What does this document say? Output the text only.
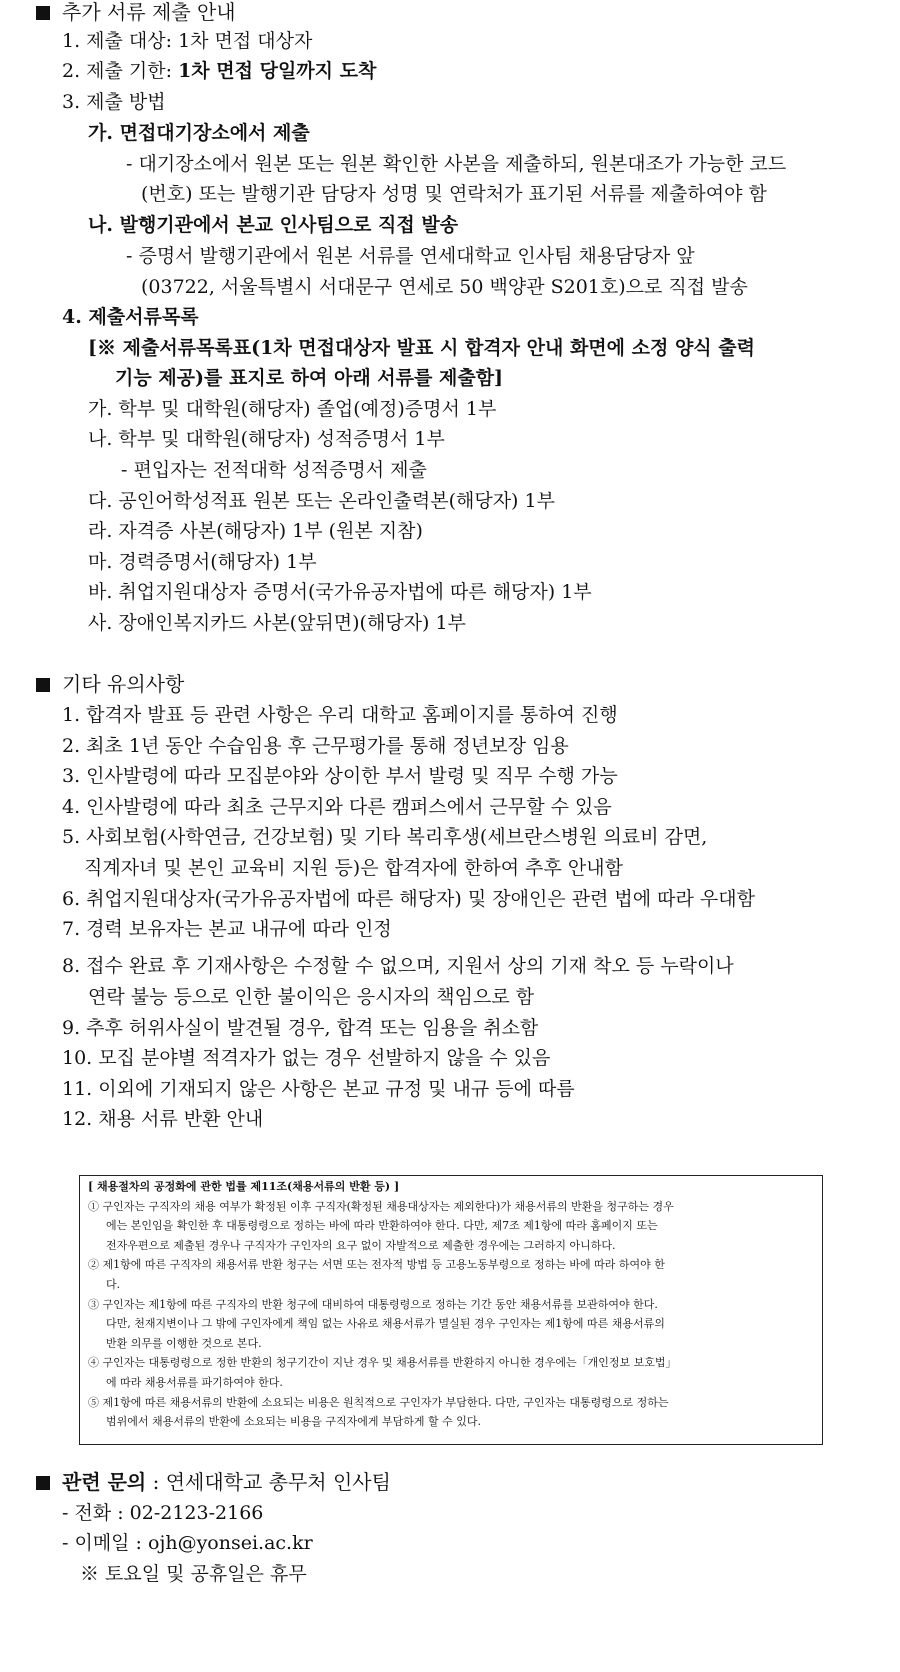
추가 서류 제출 안내
1. 제출 대상: 1차 면접 대상자
2. 제출 기한: 1차 면접 당일까지 도착
3. 제출 방법
가. 면접대기장소에서 제출
- 대기장소에서 원본 또는 원본 확인한 사본을 제출하되, 원본대조가 가능한 코드
(번호) 또는 발행기관 담당자 성명 및 연락처가 표기된 서류를 제출하여야 함
나. 발행기관에서 본교 인사팀으로 직접 발송
- 증명서 발행기관에서 원본 서류를 연세대학교 인사팀 채용담당자 앞
(03722, 서울특별시 서대문구 연세로 50 백양관 S201호)으로 직접 발송
4. 제출서류목록
[※ 제출서류목록표(1차 면접대상자 발표 시 합격자 안내 화면에 소정 양식 출력
기능 제공)를 표지로 하여 아래 서류를 제출함]
가. 학부 및 대학원(해당자) 졸업(예정)증명서 1부
나. 학부 및 대학원(해당자) 성적증명서 1부
- 편입자는 전적대학 성적증명서 제출
다. 공인어학성적표 원본 또는 온라인출력본(해당자) 1부
라. 자격증 사본(해당자) 1부 (원본 지참)
마. 경력증명서(해당자) 1부
바. 취업지원대상자 증명서(국가유공자법에 따른 해당자) 1부
사. 장애인복지카드 사본(앞뒤면)(해당자) 1부
기타 유의사항
1. 합격자 발표 등 관련 사항은 우리 대학교 홈페이지를 통하여 진행
2. 최초 1년 동안 수습임용 후 근무평가를 통해 정년보장 임용
3. 인사발령에 따라 모집분야와 상이한 부서 발령 및 직무 수행 가능
4. 인사발령에 따라 최초 근무지와 다른 캠퍼스에서 근무할 수 있음
5. 사회보험(사학연금, 건강보험) 및 기타 복리후생(세브란스병원 의료비 감면,
직계자녀 및 본인 교육비 지원 등)은 합격자에 한하여 추후 안내함
6. 취업지원대상자(국가유공자법에 따른 해당자) 및 장애인은 관련 법에 따라 우대함
7. 경력 보유자는 본교 내규에 따라 인정
8. 접수 완료 후 기재사항은 수정할 수 없으며, 지원서 상의 기재 착오 등 누락이나
연락 불능 등으로 인한 불이익은 응시자의 책임으로 함
9. 추후 허위사실이 발견될 경우, 합격 또는 임용을 취소함
10. 모집 분야별 적격자가 없는 경우 선발하지 않을 수 있음
11. 이외에 기재되지 않은 사항은 본교 규정 및 내규 등에 따름
12. 채용 서류 반환 안내
[ 채용절차의 공정화에 관한 법률 제11조(채용서류의 반환 등) ]
① 구인자는 구직자의 채용 여부가 확정된 이후 구직자(확정된 채용대상자는 제외한다)가 채용서류의 반환을 청구하는 경우
에는 본인임을 확인한 후 대통령령으로 정하는 바에 따라 반환하여야 한다. 다만, 제7조 제1항에 따라 홈페이지 또는
전자우편으로 제출된 경우나 구직자가 구인자의 요구 없이 자발적으로 제출한 경우에는 그러하지 아니하다.
② 제1항에 따른 구직자의 채용서류 반환 청구는 서면 또는 전자적 방법 등 고용노동부령으로 정하는 바에 따라 하여야 한
다.
③ 구인자는 제1항에 따른 구직자의 반환 청구에 대비하여 대통령령으로 정하는 기간 동안 채용서류를 보관하여야 한다.
다만, 천재지변이나 그 밖에 구인자에게 책임 없는 사유로 채용서류가 멸실된 경우 구인자는 제1항에 따른 채용서류의
반환 의무를 이행한 것으로 본다.
④ 구인자는 대통령령으로 정한 반환의 청구기간이 지난 경우 및 채용서류를 반환하지 아니한 경우에는「개인정보 보호법」
에 따라 채용서류를 파기하여야 한다.
⑤ 제1항에 따른 채용서류의 반환에 소요되는 비용은 원칙적으로 구인자가 부담한다. 다만, 구인자는 대통령령으로 정하는
범위에서 채용서류의 반환에 소요되는 비용을 구직자에게 부담하게 할 수 있다.
관련 문의 : 연세대학교 총무처 인사팀
- 전화 : 02-2123-2166
- 이메일 : ojh@yonsei.ac.kr
※ 토요일 및 공휴일은 휴무
